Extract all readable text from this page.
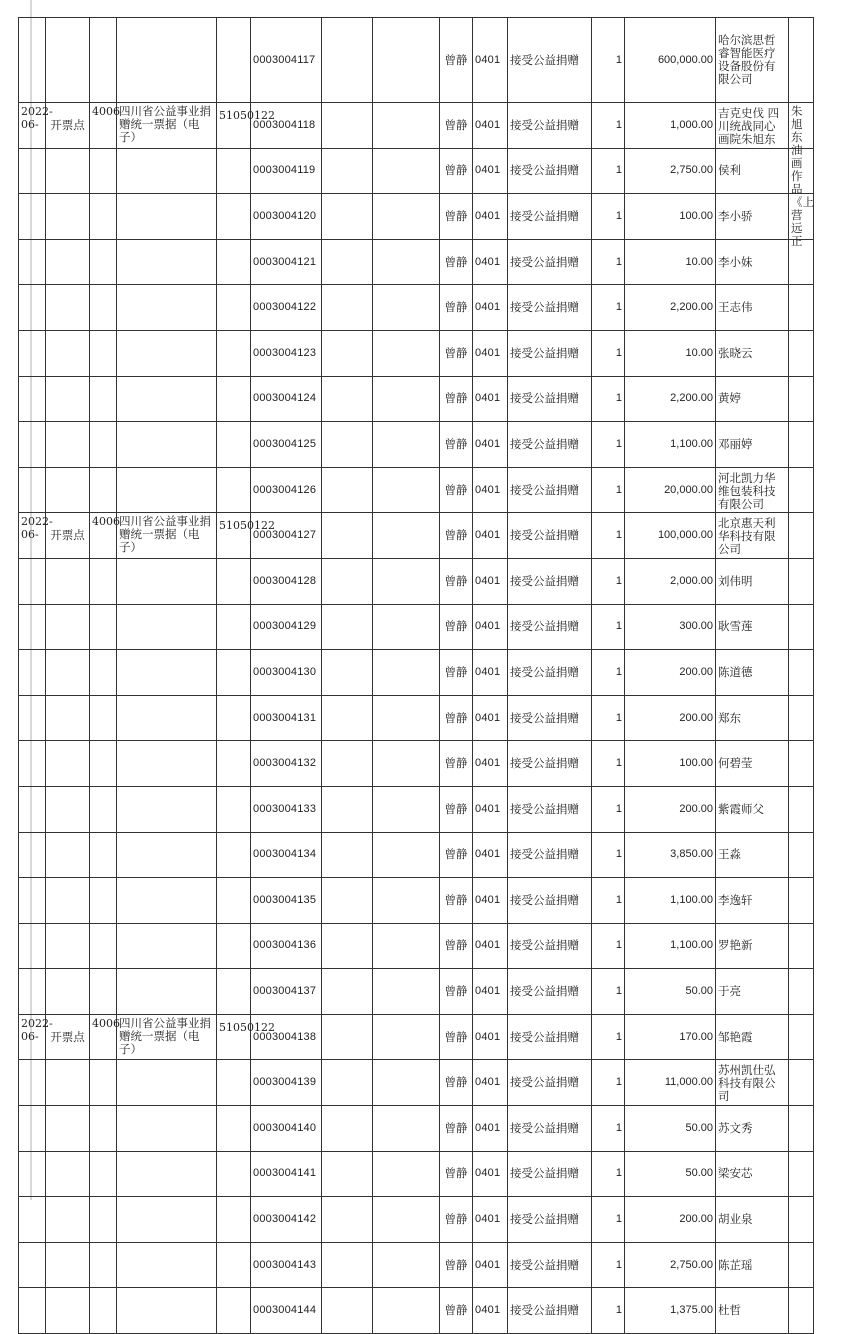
					0003004117			曾静	0401	接受公益捐赠	1	600,000.00	哈尔滨思哲睿智能医疗设备股份有限公司	

2022-06-	开票点	4006	四川省公益事业捐赠统一票据（电子）	51050122	0003004118			曾静	0401	接受公益捐赠	1	1,000.00	吉克史伐 四川统战同心画院朱旭东	朱旭东油画作品《上营远正

					0003004119			曾静	0401	接受公益捐赠	1	2,750.00	侯利	

					0003004120			曾静	0401	接受公益捐赠	1	100.00	李小骄	

					0003004121			曾静	0401	接受公益捐赠	1	10.00	李小妹	

					0003004122			曾静	0401	接受公益捐赠	1	2,200.00	王志伟	

					0003004123			曾静	0401	接受公益捐赠	1	10.00	张晓云	

					0003004124			曾静	0401	接受公益捐赠	1	2,200.00	黄婷	

					0003004125			曾静	0401	接受公益捐赠	1	1,100.00	邓丽婷	

					0003004126			曾静	0401	接受公益捐赠	1	20,000.00	河北凯力华维包装科技有限公司	

2022-06-	开票点	4006	四川省公益事业捐赠统一票据（电子）	51050122	0003004127			曾静	0401	接受公益捐赠	1	100,000.00	北京惠天利华科技有限公司	

					0003004128			曾静	0401	接受公益捐赠	1	2,000.00	刘伟明	

					0003004129			曾静	0401	接受公益捐赠	1	300.00	耿雪莲	

					0003004130			曾静	0401	接受公益捐赠	1	200.00	陈道德	

					0003004131			曾静	0401	接受公益捐赠	1	200.00	郑东	

					0003004132			曾静	0401	接受公益捐赠	1	100.00	何碧莹	

					0003004133			曾静	0401	接受公益捐赠	1	200.00	紫霞师父	

					0003004134			曾静	0401	接受公益捐赠	1	3,850.00	王淼	

					0003004135			曾静	0401	接受公益捐赠	1	1,100.00	李逸轩	

					0003004136			曾静	0401	接受公益捐赠	1	1,100.00	罗艳新	

					0003004137			曾静	0401	接受公益捐赠	1	50.00	于亮	

2022-06-	开票点	4006	四川省公益事业捐赠统一票据（电子）	51050122	0003004138			曾静	0401	接受公益捐赠	1	170.00	邹艳霞	

					0003004139			曾静	0401	接受公益捐赠	1	11,000.00	苏州凯仕弘科技有限公司	

					0003004140			曾静	0401	接受公益捐赠	1	50.00	苏文秀	

					0003004141			曾静	0401	接受公益捐赠	1	50.00	梁安芯	

					0003004142			曾静	0401	接受公益捐赠	1	200.00	胡业泉	

					0003004143			曾静	0401	接受公益捐赠	1	2,750.00	陈芷瑶	

					0003004144			曾静	0401	接受公益捐赠	1	1,375.00	杜哲	
